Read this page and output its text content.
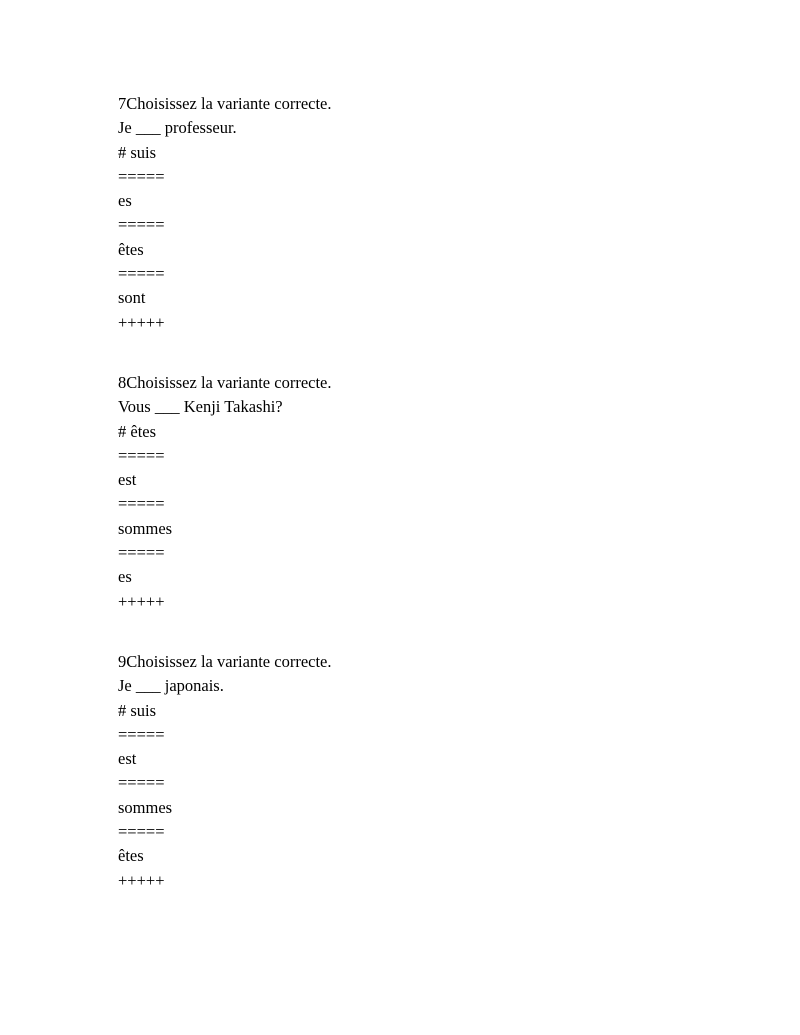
7Choisissez la variante correcte.
Je ___ professeur.
# suis
=====
es
=====
êtes
=====
sont
+++++
8Choisissez la variante correcte.
Vous ___ Kenji Takashi?
# êtes
=====
est
=====
sommes
=====
es
+++++
9Choisissez la variante correcte.
Je ___ japonais.
# suis
=====
est
=====
sommes
=====
êtes
+++++
